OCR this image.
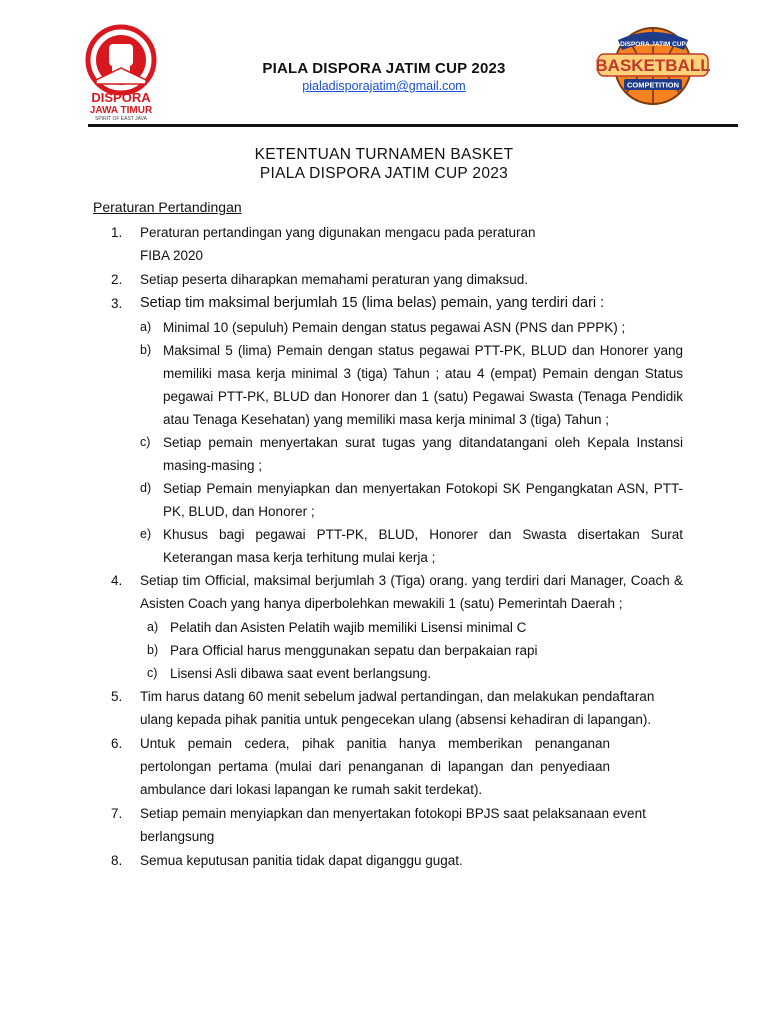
DISPORA
JAWA TIMUR
SPIRIT OF EAST JAVA
PIALA DISPORA JATIM CUP 2023
pialadisporajatim@gmail.com
DISPORA JATIM CUP
BASKETBALL
COMPETITION
KETENTUAN TURNAMEN BASKET
PIALA DISPORA JATIM CUP 2023
Peraturan Pertandingan
1. Peraturan pertandingan yang digunakan mengacu pada peraturan FIBA 2020
2. Setiap peserta diharapkan memahami peraturan yang dimaksud.
3. Setiap tim maksimal berjumlah 15 (lima belas) pemain, yang terdiri dari :
a) Minimal 10 (sepuluh) Pemain dengan status pegawai ASN (PNS dan PPPK) ;
b) Maksimal 5 (lima) Pemain dengan status pegawai PTT-PK, BLUD dan Honorer yang memiliki masa kerja minimal 3 (tiga) Tahun ; atau 4 (empat) Pemain dengan Status pegawai PTT-PK, BLUD dan Honorer dan 1 (satu) Pegawai Swasta (Tenaga Pendidik atau Tenaga Kesehatan) yang memiliki masa kerja minimal 3 (tiga) Tahun ;
c) Setiap pemain menyertakan surat tugas yang ditandatangani oleh Kepala Instansi masing-masing ;
d) Setiap Pemain menyiapkan dan menyertakan Fotokopi SK Pengangkatan ASN, PTT-PK, BLUD, dan Honorer ;
e) Khusus bagi pegawai PTT-PK, BLUD, Honorer dan Swasta disertakan Surat Keterangan masa kerja terhitung mulai kerja ;
4. Setiap tim Official, maksimal berjumlah 3 (Tiga) orang. yang terdiri dari Manager, Coach & Asisten Coach yang hanya diperbolehkan mewakili 1 (satu) Pemerintah Daerah ;
a) Pelatih dan Asisten Pelatih wajib memiliki Lisensi minimal C
b) Para Official harus menggunakan sepatu dan berpakaian rapi
c) Lisensi Asli dibawa saat event berlangsung.
5. Tim harus datang 60 menit sebelum jadwal pertandingan, dan melakukan pendaftaran ulang kepada pihak panitia untuk pengecekan ulang (absensi kehadiran di lapangan).
6. Untuk pemain cedera, pihak panitia hanya memberikan penanganan pertolongan pertama (mulai dari penanganan di lapangan dan penyediaan ambulance dari lokasi lapangan ke rumah sakit terdekat).
7. Setiap pemain menyiapkan dan menyertakan fotokopi BPJS saat pelaksanaan event berlangsung
8. Semua keputusan panitia tidak dapat diganggu gugat.
